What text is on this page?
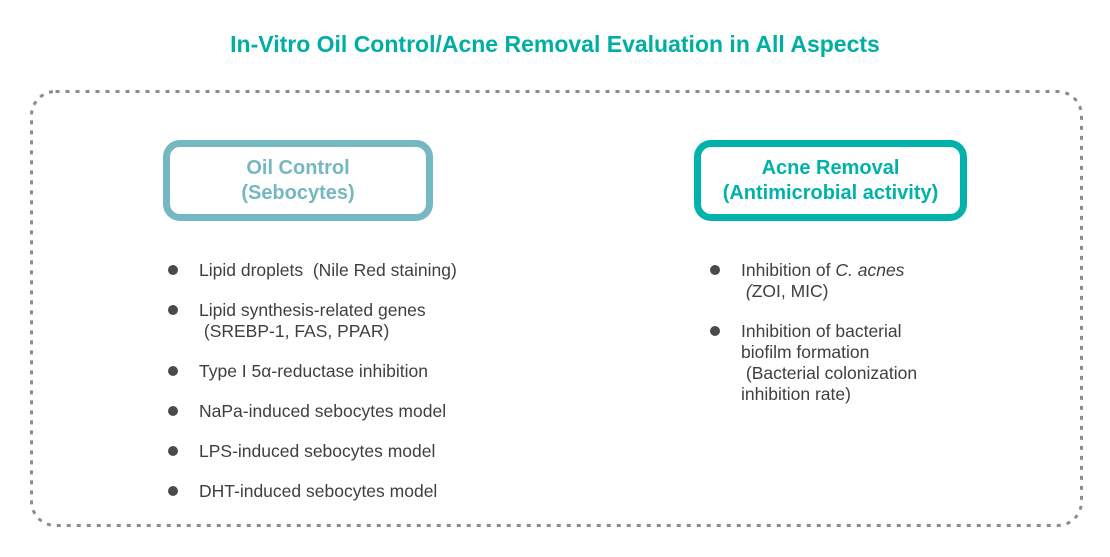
In-Vitro Oil Control/Acne Removal Evaluation in All Aspects
Oil Control
(Sebocytes)
Acne Removal
(Antimicrobial activity)
Lipid droplets  (Nile Red staining)
Lipid synthesis-related genes
(SREBP-1, FAS, PPAR)
Type I 5α-reductase inhibition
NaPa-induced sebocytes model
LPS-induced sebocytes model
DHT-induced sebocytes model
Inhibition of C. acnes
(ZOI, MIC)
Inhibition of bacterial
biofilm formation
(Bacterial colonization
inhibition rate)
